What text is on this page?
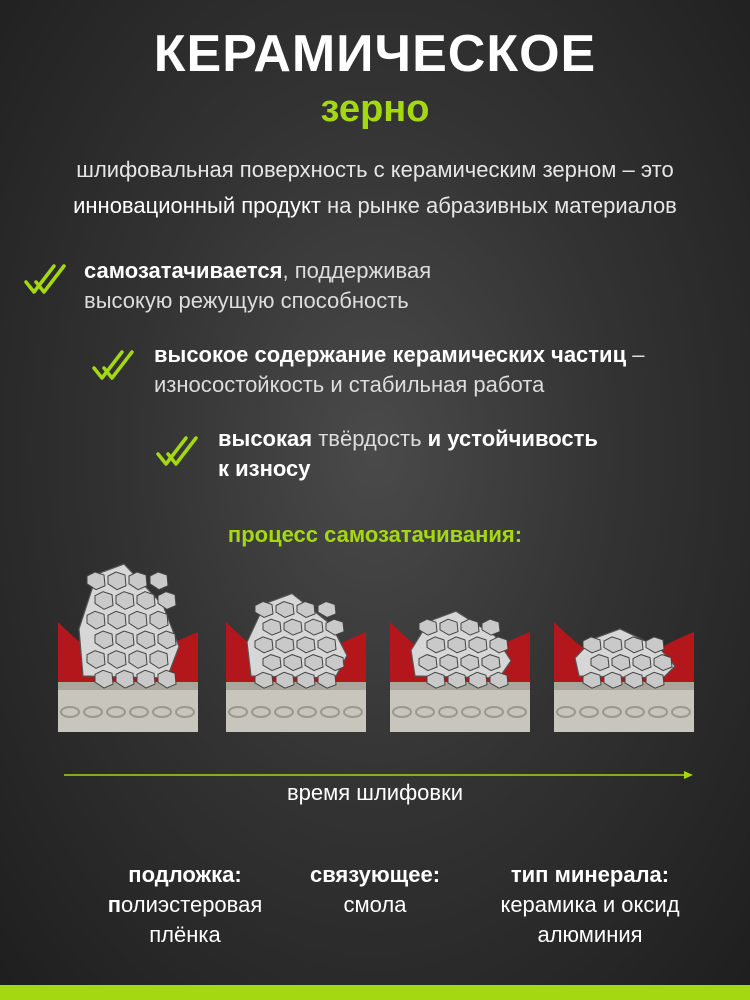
КЕРАМИЧЕСКОЕ
зерно
шлифовальная поверхность с керамическим зерном – это
инновационный продукт на рынке абразивных материалов
самозатачивается, поддерживая
высокую режущую способность
высокое содержание керамических частиц –
износостойкость и стабильная работа
высокая твёрдость и устойчивость
к износу
процесс самозатачивания:
время шлифовки
подложка:
полиэстеровая
плёнка
связующее:
смола
тип минерала:
керамика и оксид
алюминия
